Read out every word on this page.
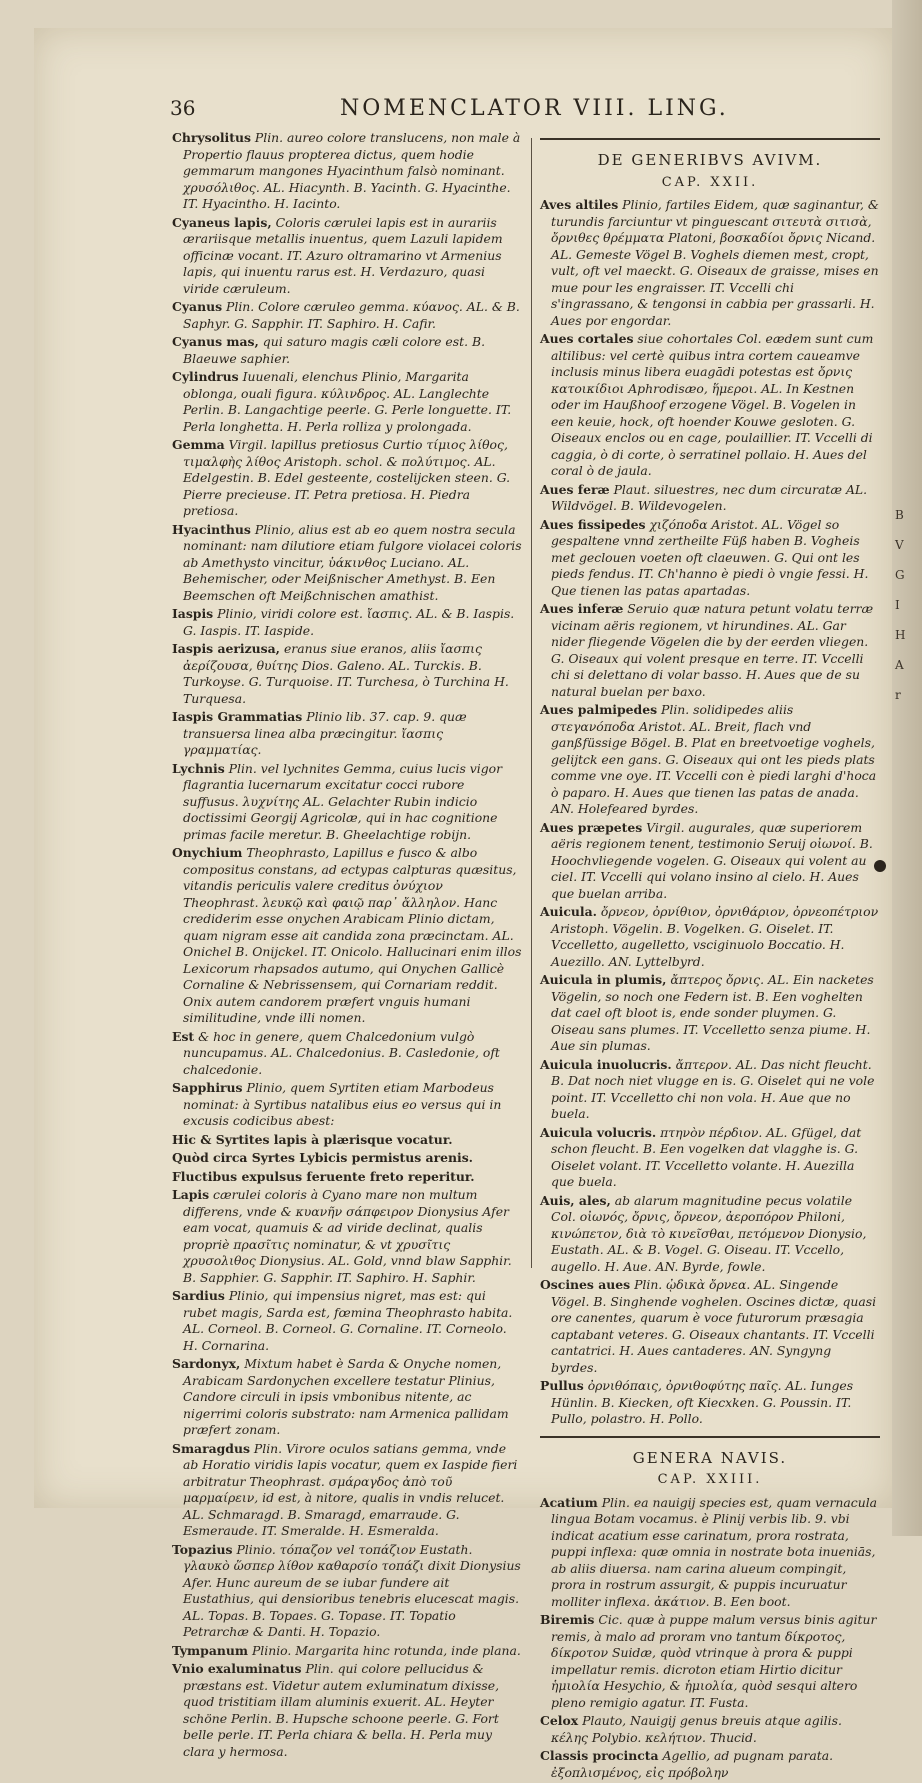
36	NOMENCLATOR VIII. LING.
Chrysolitus Plin. aureo colore translucens, non male à Propertio flauus propterea dictus, quem hodie gemmarum mangones Hyacinthum falsò nominant. χρυσόλιθος. AL. Hiacynth. B. Yacinth. G. Hyacinthe. IT. Hyacintho. H. Iacinto.
Cyaneus lapis, Coloris cærulei lapis est in aurariis ærariisque metallis inuentus, quem Lazuli lapidem officinæ vocant. IT. Azuro oltramarino vt Armenius lapis, qui inuentu rarus est. H. Verdazuro, quasi viride cæruleum.
Cyanus Plin. Colore cæruleo gemma. κύανος. AL. & B. Saphyr. G. Sapphir. IT. Saphiro. H. Cafir.
Cyanus mas, qui saturo magis cæli colore est. B. Blaeuwe saphier.
Cylindrus Iuuenali, elenchus Plinio, Margarita oblonga, ouali figura. κύλινδρος. AL. Langlechte Perlin. B. Langachtige peerle. G. Perle longuette. IT. Perla longhetta. H. Perla rolliza y prolongada.
Gemma Virgil. lapillus pretiosus Curtio τίμιος λίθος, τιμαλφὴς λίθος Aristoph. schol. & πολύτιμος. AL. Edelgestin. B. Edel gesteente, costelijcken steen. G. Pierre precieuse. IT. Petra pretiosa. H. Piedra pretiosa.
Hyacinthus Plinio, alius est ab eo quem nostra secula nominant: nam dilutiore etiam fulgore violacei coloris ab Amethysto vincitur, ὑάκινθος Luciano. AL. Behemischer, oder Meißnischer Amethyst. B. Een Beemschen oft Meißchnischen amathist.
Iaspis Plinio, viridi colore est. ἴασπις. AL. & B. Iaspis. G. Iaspis. IT. Iaspide.
Iaspis aerizusa, eranus siue eranos, aliis ἴασπις ἀερίζουσα, θυίτης Dios. Galeno. AL. Turckis. B. Turkoyse. G. Turquoise. IT. Turchesa, ò Turchina H. Turquesa.
Iaspis Grammatias Plinio lib. 37. cap. 9. quæ transuersa linea alba præcingitur. ἴασπις γραμματίας.
Lychnis Plin. vel lychnites Gemma, cuius lucis vigor flagrantia lucernarum excitatur cocci rubore suffusus. λυχνίτης AL. Gelachter Rubin indicio doctissimi Georgij Agricolæ, qui in hac cognitione primas facile meretur. B. Gheelachtige robijn.
Onychium Theophrasto, Lapillus e fusco & albo compositus constans, ad ectypas calpturas quæsitus, vitandis periculis valere creditus ὀνύχιον Theophrast. λευκῷ καὶ φαιῷ παρ᾿ ἄλληλον. Hanc crediderim esse onychen Arabicam Plinio dictam, quam nigram esse ait candida zona præcinctam. AL. Onichel B. Onijckel. IT. Onicolo. Hallucinari enim illos Lexicorum rhapsados autumo, qui Onychen Gallicè Cornaline & Nebrissensem, qui Cornariam reddit. Onix autem candorem præfert vnguis humani similitudine, vnde illi nomen.
Est & hoc in genere, quem Chalcedonium vulgò nuncupamus. AL. Chalcedonius. B. Casledonie, oft chalcedonie.
Sapphirus Plinio, quem Syrtiten etiam Marbodeus nominat: à Syrtibus natalibus eius eo versus qui in excusis codicibus abest:
Hic & Syrtites lapis à plærisque vocatur.
Quòd circa Syrtes Lybicis permistus arenis.
Fluctibus expulsus feruente freto reperitur.
Lapis cærulei coloris à Cyano mare non multum differens, vnde & κυανῆν σάπφειρον Dionysius Afer eam vocat, quamuis & ad viride declinat, qualis propriè πρασῖτις nominatur, & vt χρυσῖτις χρυσολιθος Dionysius. AL. Gold, vnnd blaw Sapphir. B. Sapphier. G. Sapphir. IT. Saphiro. H. Saphir.
Sardius Plinio, qui impensius nigret, mas est: qui rubet magis, Sarda est, fœmina Theophrasto habita. AL. Corneol. B. Corneol. G. Cornaline. IT. Corneolo. H. Cornarina.
Sardonyx, Mixtum habet è Sarda & Onyche nomen, Arabicam Sardonychen excellere testatur Plinius, Candore circuli in ipsis vmbonibus nitente, ac nigerrimi coloris substrato: nam Armenica pallidam præfert zonam.
Smaragdus Plin. Virore oculos satians gemma, vnde ab Horatio viridis lapis vocatur, quem ex Iaspide fieri arbitratur Theophrast. σμάραγδος ἀπὸ τοῦ μαρμαίρειν, id est, à nitore, qualis in vndis relucet. AL. Schmaragd. B. Smaragd, emarraude. G. Esmeraude. IT. Smeralde. H. Esmeralda.
Topazius Plinio. τόπαζον vel τοπάζιον Eustath. γλαυκὸ ὥσπερ λίθον καθαρσίο τοπάζι dixit Dionysius Afer. Hunc aureum de se iubar fundere ait Eustathius, qui densioribus tenebris elucescat magis. AL. Topas. B. Topaes. G. Topase. IT. Topatio Petrarchæ & Danti. H. Topazio.
Tympanum Plinio. Margarita hinc rotunda, inde plana.
Vnio exaluminatus Plin. qui colore pellucidus & præstans est. Videtur autem exluminatum dixisse, quod tristitiam illam aluminis exuerit. AL. Heyter schöne Perlin. B. Hupsche schoone peerle. G. Fort belle perle. IT. Perla chiara & bella. H. Perla muy clara y hermosa.
DE GENERIBVS AVIVM.
CAP. XXII.
Aves altiles Plinio, fartiles Eidem, quæ saginantur, & turundis farciuntur vt pinguescant σιτευτὰ σιτισὰ, ὄρνιθες θρέμματα Platoni, βοσκαδίοι ὄρνις Nicand. AL. Gemeste Vögel B. Voghels diemen mest, cropt, vult, oft vel maeckt. G. Oiseaux de graisse, mises en mue pour les engraisser. IT. Vccelli chi s'ingrassano, & tengonsi in cabbia per grassarli. H. Aues por engordar.
Aues cortales siue cohortales Col. eædem sunt cum altilibus: vel certè quibus intra cortem caueamve inclusis minus libera euagādi potestas est ὄρνις κατοικίδιοι Aphrodisæo, ἥμεροι. AL. In Kestnen oder im Haußhoof erzogene Vögel. B. Vogelen in een keuie, hock, oft hoender Kouwe gesloten. G. Oiseaux enclos ou en cage, poulaillier. IT. Vccelli di caggia, ò di corte, ò serratinel pollaio. H. Aues del coral ò de jaula.
Aues feræ Plaut. siluestres, nec dum circuratæ AL. Wildvögel. B. Wildevogelen.
Aues fissipedes χιζόποδα Aristot. AL. Vögel so gespaltene vnnd zertheilte Füß haben B. Vogheis met geclouen voeten oft claeuwen. G. Qui ont les pieds fendus. IT. Ch'hanno è piedi ò vngie fessi. H. Que tienen las patas apartadas.
Aues inferæ Seruio quæ natura petunt volatu terræ vicinam aëris regionem, vt hirundines. AL. Gar nider fliegende Vögelen die by der eerden vliegen. G. Oiseaux qui volent presque en terre. IT. Vccelli chi si delettano di volar basso. H. Aues que de su natural buelan per baxo.
Aues palmipedes Plin. solidipedes aliis στεγανόποδα Aristot. AL. Breit, flach vnd ganßfüssige Bögel. B. Plat en breetvoetige voghels, gelijtck een gans. G. Oiseaux qui ont les pieds plats comme vne oye. IT. Vccelli con è piedi larghi d'hoca ò paparo. H. Aues que tienen las patas de anada. AN. Holefeared byrdes.
Aues præpetes Virgil. augurales, quæ superiorem aëris regionem tenent, testimonio Seruij οἰωνοί. B. Hoochvliegende vogelen. G. Oiseaux qui volent au ciel. IT. Vccelli qui volano insino al cielo. H. Aues que buelan arriba.
Auicula. ὄρνεον, ὀρνίθιον, ὀρνιθάριον, ὀρνεοπέτριον Aristoph. Vögelin. B. Vogelken. G. Oiselet. IT. Vccelletto, augelletto, vsciginuolo Boccatio. H. Auezillo. AN. Lyttelbyrd.
Auicula in plumis, ἄπτερος ὄρνις. AL. Ein nacketes Vögelin, so noch one Federn ist. B. Een voghelten dat cael oft bloot is, ende sonder pluymen. G. Oiseau sans plumes. IT. Vccelletto senza piume. H. Aue sin plumas.
Auicula inuolucris. ἄπτερον. AL. Das nicht fleucht. B. Dat noch niet vlugge en is. G. Oiselet qui ne vole point. IT. Vccelletto chi non vola. H. Aue que no buela.
Auicula volucris. πτηνὸν πέρδιον. AL. Gfügel, dat schon fleucht. B. Een vogelken dat vlagghe is. G. Oiselet volant. IT. Vccelletto volante. H. Auezilla que buela.
Auis, ales, ab alarum magnitudine pecus volatile Col. οἰωνός, ὄρνις, ὄρνεον, ἀεροπόρον Philoni, κινώπετον, διὰ τὸ κινεῖσθαι, πετόμενον Dionysio, Eustath. AL. & B. Vogel. G. Oiseau. IT. Vccello, augello. H. Aue. AN. Byrde, fowle.
Oscines aues Plin. ᾠδικὰ ὄρνεα. AL. Singende Vögel. B. Singhende voghelen. Oscines dictæ, quasi ore canentes, quarum è voce futurorum præsagia captabant veteres. G. Oiseaux chantants. IT. Vccelli cantatrici. H. Aues cantaderes. AN. Syngyng byrdes.
Pullus ὀρνιθόπαις, ὀρνιθοφύτης παῖς. AL. Iunges Hünlin. B. Kiecken, oft Kiecxken. G. Poussin. IT. Pullo, polastro. H. Pollo.
GENERA NAVIS.
CAP. XXIII.
Acatium Plin. ea nauigij species est, quam vernacula lingua Botam vocamus. è Plinij verbis lib. 9. vbi indicat acatium esse carinatum, prora rostrata, puppi inflexa: quæ omnia in nostrate bota inueniās, ab aliis diuersa. nam carina alueum compingit, prora in rostrum assurgit, & puppis incuruatur molliter inflexa. ἀκάτιον. B. Een boot.
Biremis Cic. quæ à puppe malum versus binis agitur remis, à malo ad proram vno tantum δίκροτος, δίκροτον Suidæ, quòd vtrinque à prora & puppi impellatur remis. dicroton etiam Hirtio dicitur ἡμιολία Hesychio, & ἡμιολία, quòd sesqui altero pleno remigio agatur. IT. Fusta.
Celox Plauto, Nauigij genus breuis atque agilis. κέλης Polybio. κελήτιον. Thucid.
Classis procincta Agellio, ad pugnam parata. ἐξοπλισμένος, εἰς πρόβολην
B
V
G
I
H
A
r
